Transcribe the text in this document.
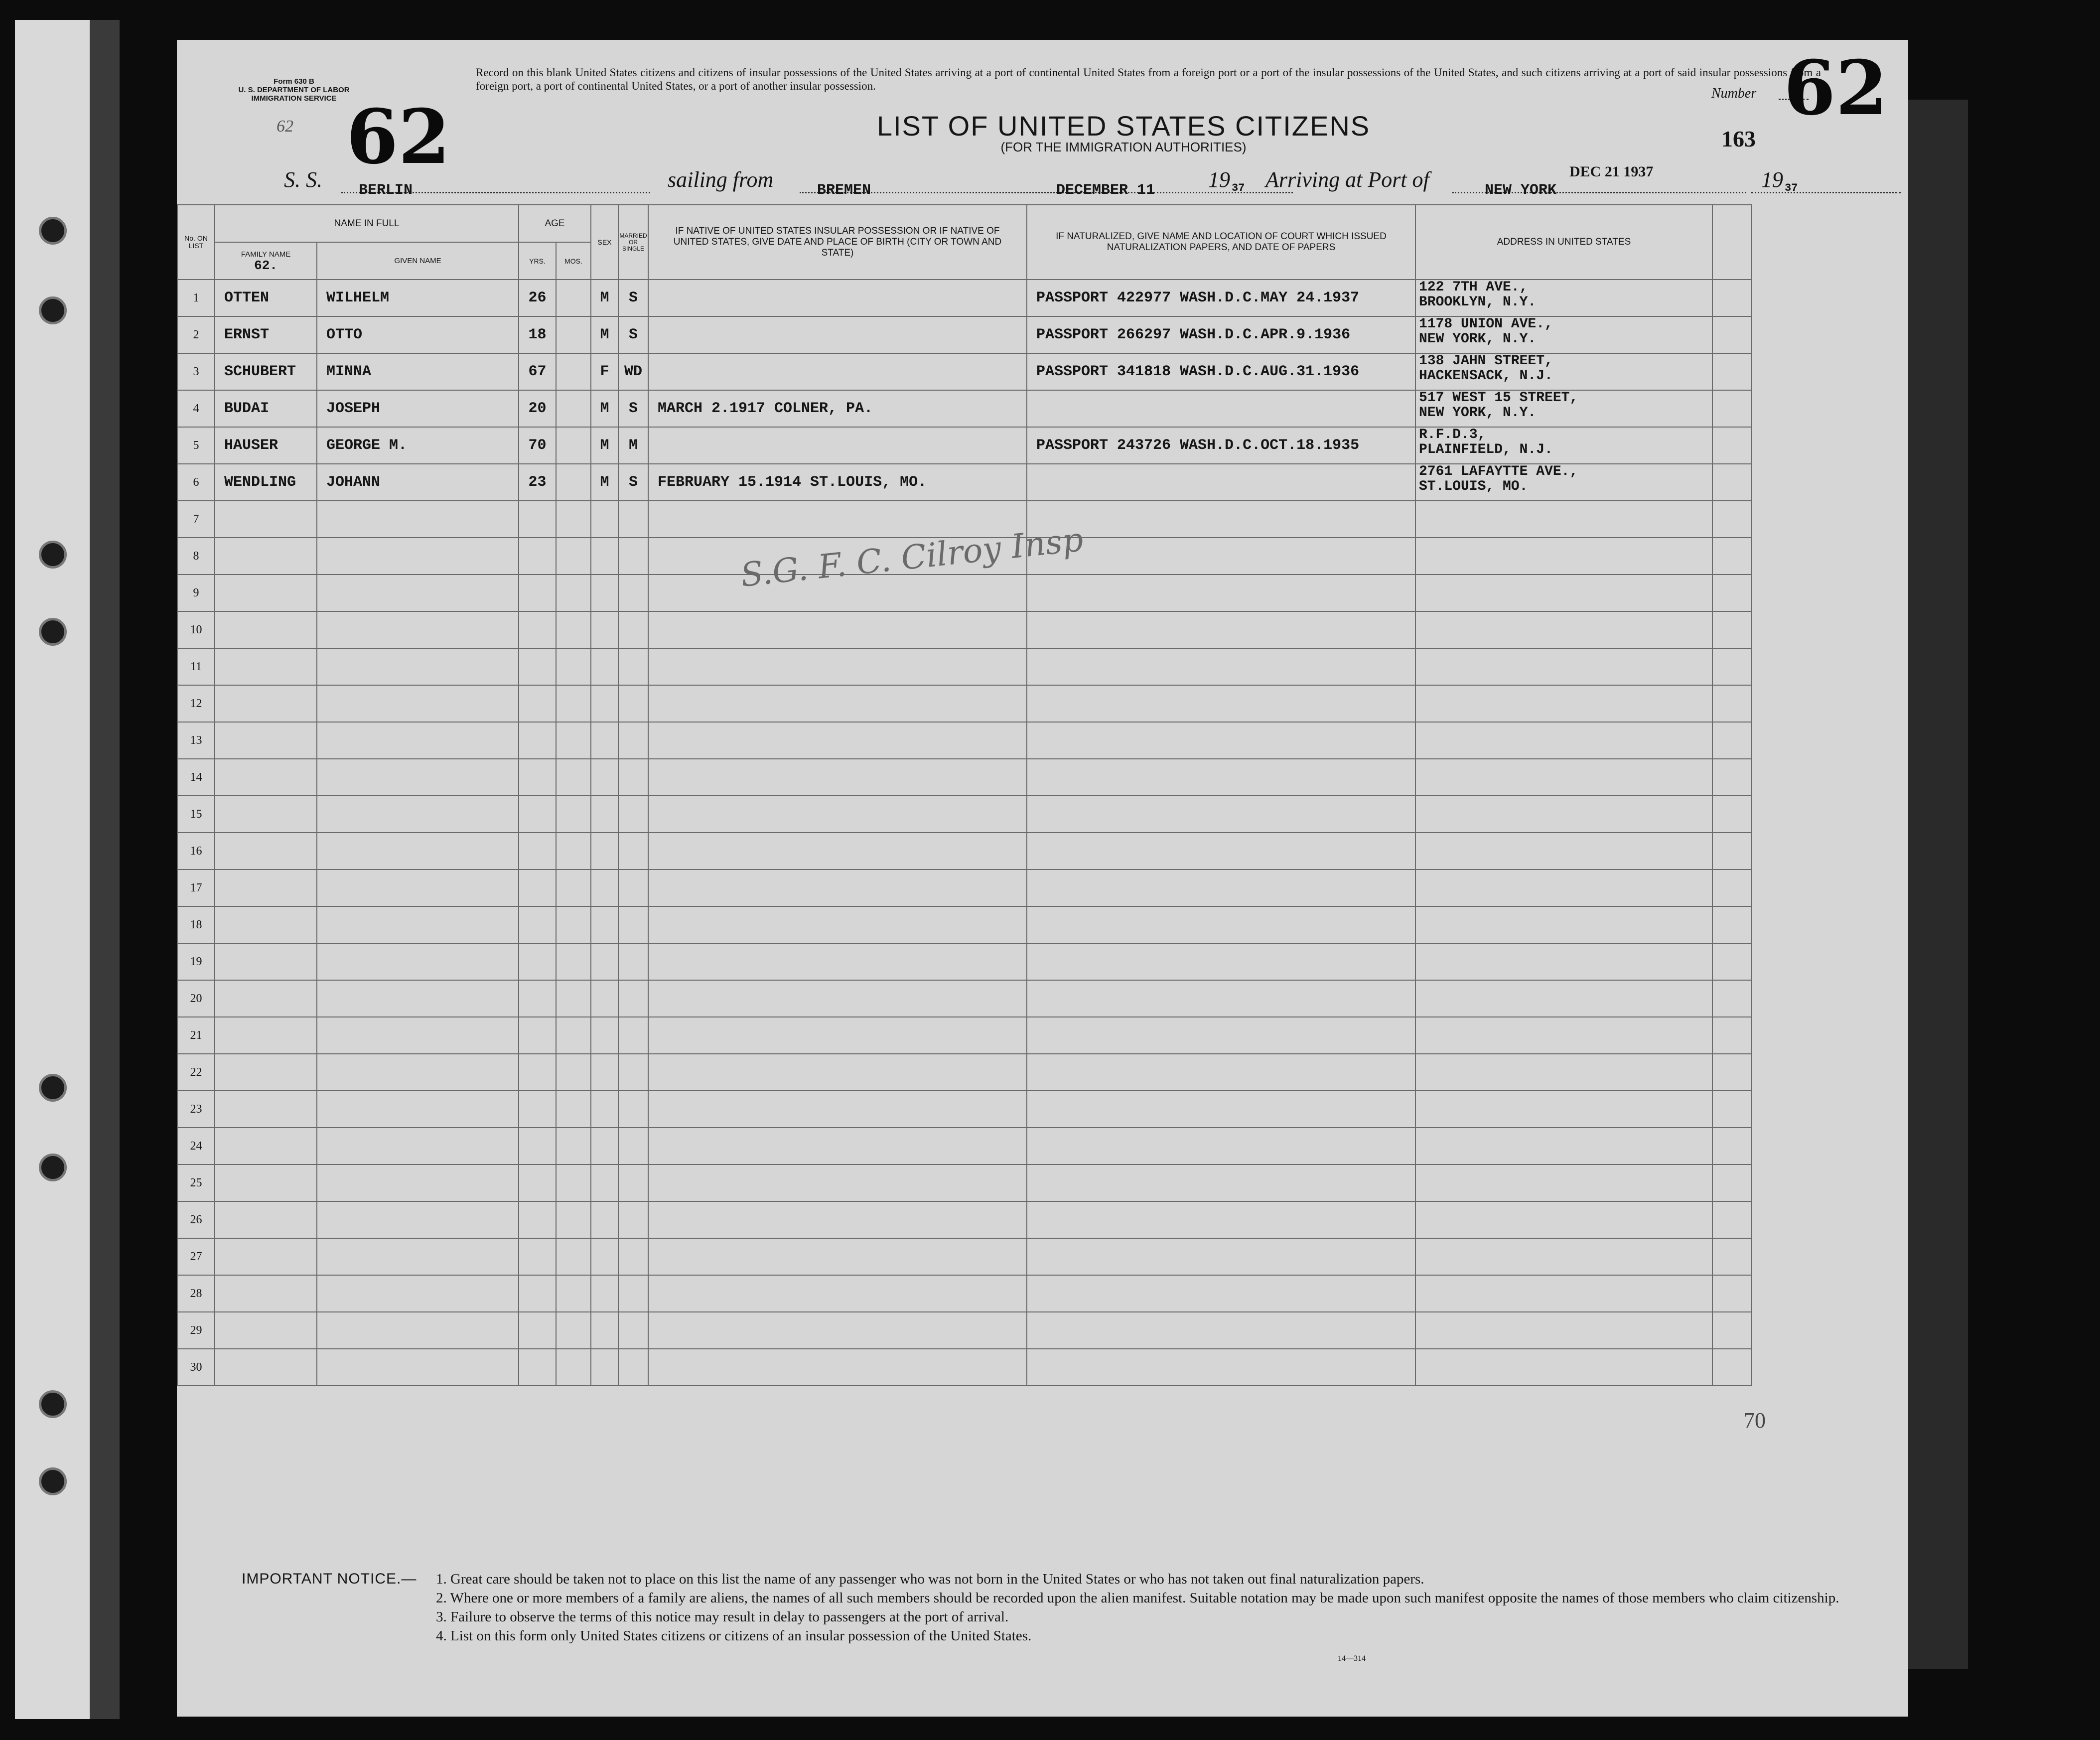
Form 630 B
U. S. DEPARTMENT OF LABOR
IMMIGRATION SERVICE
62 62
Record on this blank United States citizens and citizens of insular possessions of the United States arriving at a port of continental United States from a foreign port or a port of the insular possessions of the United States, and such citizens arriving at a port of said insular possessions from a foreign port, a port of continental United States, or a port of another insular possession.
LIST OF UNITED STATES CITIZENS
(FOR THE IMMIGRATION AUTHORITIES)
Number 62
163
S. S. BERLIN	sailing from	BREMEN	DECEMBER 11 19 37 Arriving at Port of	NEW YORK
DEC 21 1937	19 37
No. ON LIST	NAME IN FULL		AGE		SEX	MARRIED OR SINGLE	IF NATIVE OF UNITED STATES INSULAR POSSESSION OR IF NATIVE OF UNITED STATES, GIVE DATE AND PLACE OF BIRTH (CITY OR TOWN AND STATE)	IF NATURALIZED, GIVE NAME AND LOCATION OF COURT WHICH ISSUED NATURALIZATION PAPERS, AND DATE OF PAPERS	ADDRESS IN UNITED STATES	
	FAMILY NAME
62.	GIVEN NAME	YRS.	MOS.						
1	OTTEN	WILHELM	26		M	S		PASSPORT 422977 WASH.D.C.MAY 24.1937	122 7TH AVE.,
BROOKLYN, N.Y.	

2	ERNST	OTTO	18		M	S		PASSPORT 266297 WASH.D.C.APR.9.1936	1178 UNION AVE.,
NEW YORK, N.Y.	

3	SCHUBERT	MINNA	67		F	WD		PASSPORT 341818 WASH.D.C.AUG.31.1936	138 JAHN STREET,
HACKENSACK, N.J.	

4	BUDAI	JOSEPH	20		M	S	MARCH 2.1917 COLNER, PA.		517 WEST 15 STREET,
NEW YORK, N.Y.	

5	HAUSER	GEORGE M.	70		M	M		PASSPORT 243726 WASH.D.C.OCT.18.1935	R.F.D.3,
PLAINFIELD, N.J.	

6	WENDLING	JOHANN	23		M	S	FEBRUARY 15.1914 ST.LOUIS, MO.		2761 LAFAYTTE AVE.,
ST.LOUIS, MO.	

7									

8									

9									

10									

11									

12									

13									

14									

15									

16									

17									

18									

19									

20									

21									

22									

23									

24									

25									

26									

27									

28									

29									

30									

S.G. F. C. Cilroy Insp
70
IMPORTANT NOTICE.—	1. Great care should be taken not to place on this list the name of any passenger who was not born in the United States or who has not taken out final naturalization papers.
2. Where one or more members of a family are aliens, the names of all such members should be recorded upon the alien manifest. Suitable notation may be made upon such manifest opposite the names of those members who claim citizenship.
3. Failure to observe the terms of this notice may result in delay to passengers at the port of arrival.
4. List on this form only United States citizens or citizens of an insular possession of the United States.
14—314
